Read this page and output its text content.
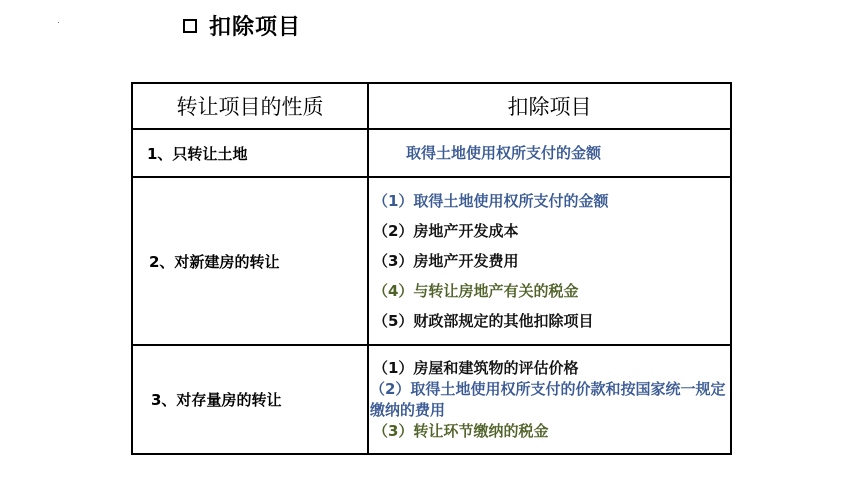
扣除项目
转让项目的性质	扣除项目
1、只转让土地	取得土地使用权所支付的金额

2、对新建房的转让	（1）取得土地使用权所支付的金额
（2）房地产开发成本
（3）房地产开发费用
（4）与转让房地产有关的税金
（5）财政部规定的其他扣除项目

3、对存量房的转让	（1）房屋和建筑物的评估价格
（2）取得土地使用权所支付的价款和按国家统一规定缴纳的费用
（3）转让环节缴纳的税金
